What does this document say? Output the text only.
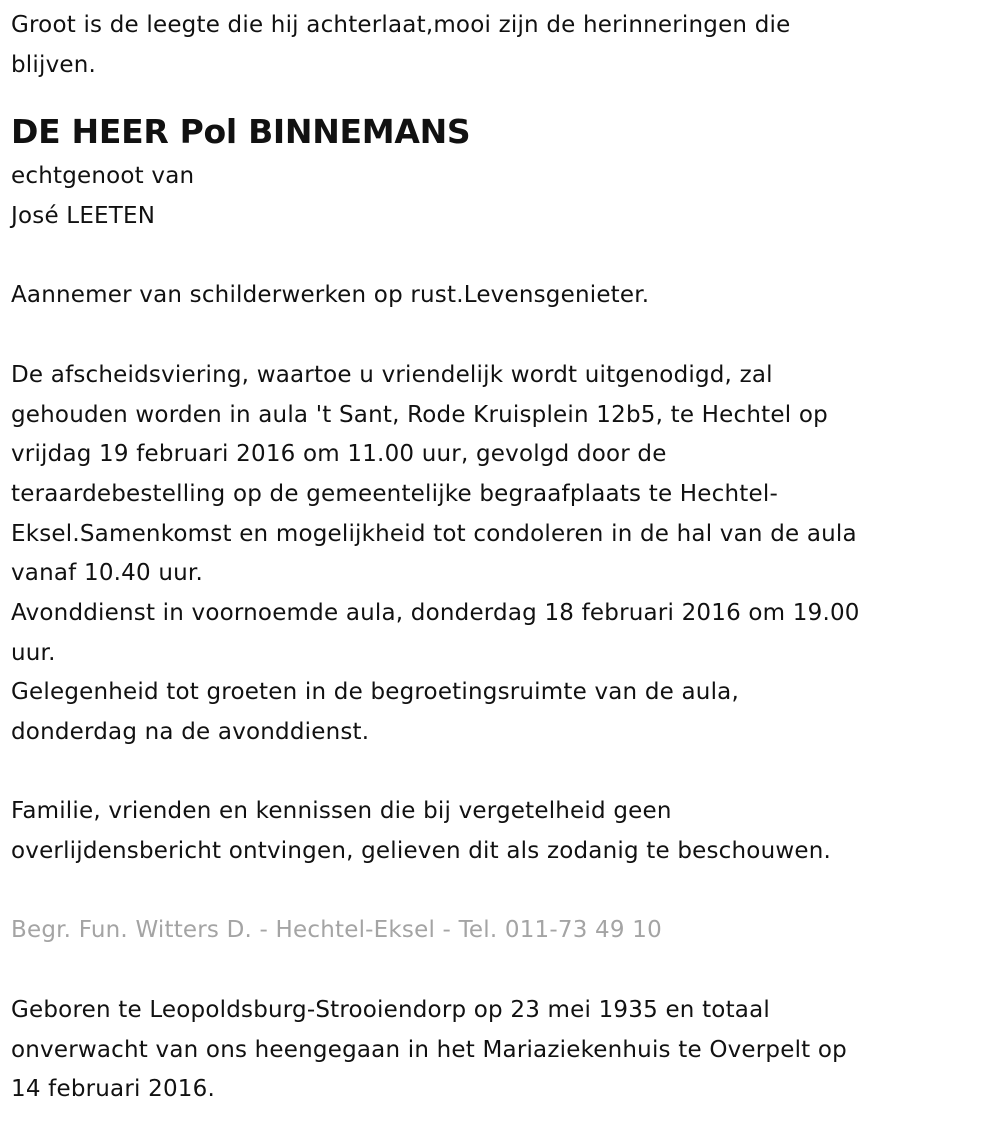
Groot is de leegte die hij achterlaat,mooi zijn de herinneringen die
blijven.
DE HEER Pol BINNEMANS
echtgenoot van
José LEETEN
Aannemer van schilderwerken op rust.Levensgenieter.
De afscheidsviering, waartoe u vriendelijk wordt uitgenodigd, zal
gehouden worden in aula 't Sant, Rode Kruisplein 12b5, te Hechtel op
vrijdag 19 februari 2016 om 11.00 uur, gevolgd door de
teraardebestelling op de gemeentelijke begraafplaats te Hechtel-
Eksel.Samenkomst en mogelijkheid tot condoleren in de hal van de aula
vanaf 10.40 uur.
Avonddienst in voornoemde aula, donderdag 18 februari 2016 om 19.00
uur.
Gelegenheid tot groeten in de begroetingsruimte van de aula,
donderdag na de avonddienst.
Familie, vrienden en kennissen die bij vergetelheid geen
overlijdensbericht ontvingen, gelieven dit als zodanig te beschouwen.
Begr. Fun. Witters D. - Hechtel-Eksel - Tel. 011-73 49 10
Geboren te Leopoldsburg-Strooiendorp op 23 mei 1935 en totaal
onverwacht van ons heengegaan in het Mariaziekenhuis te Overpelt op
14 februari 2016.
